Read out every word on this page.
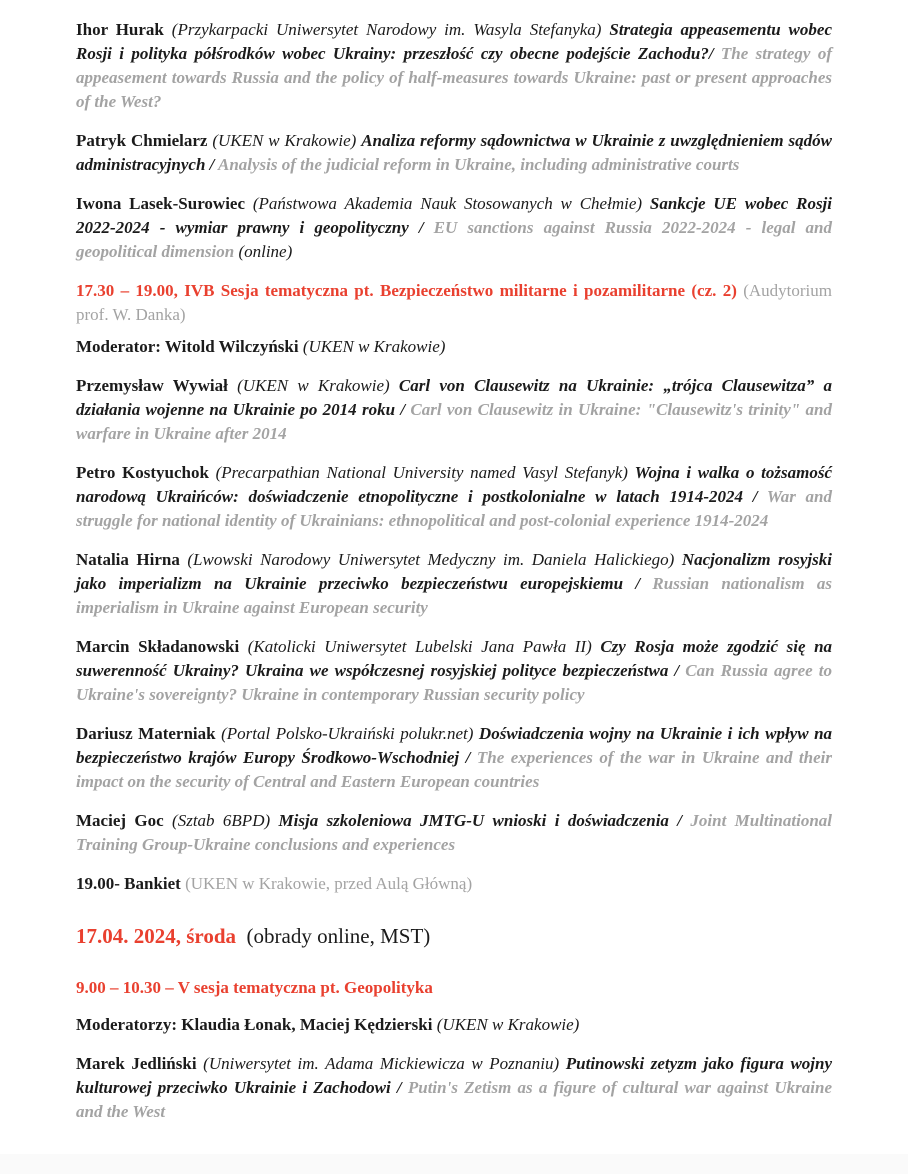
Ihor Hurak (Przykarpacki Uniwersytet Narodowy im. Wasyla Stefanyka) Strategia appeasementu wobec Rosji i polityka półśrodków wobec Ukrainy: przeszłość czy obecne podejście Zachodu?/ The strategy of appeasement towards Russia and the policy of half-measures towards Ukraine: past or present approaches of the West?

Patryk Chmielarz (UKEN w Krakowie) Analiza reformy sądownictwa w Ukrainie z uwzględnieniem sądów administracyjnych / Analysis of the judicial reform in Ukraine, including administrative courts

Iwona Lasek-Surowiec (Państwowa Akademia Nauk Stosowanych w Chełmie) Sankcje UE wobec Rosji 2022-2024 - wymiar prawny i geopolityczny / EU sanctions against Russia 2022-2024 - legal and geopolitical dimension (online)

17.30 – 19.00, IVB Sesja tematyczna pt. Bezpieczeństwo militarne i pozamilitarne (cz. 2) (Audytorium prof. W. Danka)

Moderator: Witold Wilczyński (UKEN w Krakowie)

Przemysław Wywiał (UKEN w Krakowie) Carl von Clausewitz na Ukrainie: „trójca Clausewitza” a działania wojenne na Ukrainie po 2014 roku / Carl von Clausewitz in Ukraine: "Clausewitz's trinity" and warfare in Ukraine after 2014

Petro Kostyuchok (Precarpathian National University named Vasyl Stefanyk) Wojna i walka o tożsamość narodową Ukraińców: doświadczenie etnopolityczne i postkolonialne w latach 1914-2024 / War and struggle for national identity of Ukrainians: ethnopolitical and post-colonial experience 1914-2024

Natalia Hirna (Lwowski Narodowy Uniwersytet Medyczny im. Daniela Halickiego) Nacjonalizm rosyjski jako imperializm na Ukrainie przeciwko bezpieczeństwu europejskiemu / Russian nationalism as imperialism in Ukraine against European security

Marcin Składanowski (Katolicki Uniwersytet Lubelski Jana Pawła II) Czy Rosja może zgodzić się na suwerenność Ukrainy? Ukraina we współczesnej rosyjskiej polityce bezpieczeństwa / Can Russia agree to Ukraine's sovereignty? Ukraine in contemporary Russian security policy

Dariusz Materniak (Portal Polsko-Ukraiński polukr.net) Doświadczenia wojny na Ukrainie i ich wpływ na bezpieczeństwo krajów Europy Środkowo-Wschodniej / The experiences of the war in Ukraine and their impact on the security of Central and Eastern European countries

Maciej Goc (Sztab 6BPD) Misja szkoleniowa JMTG-U wnioski i doświadczenia / Joint Multinational Training Group-Ukraine conclusions and experiences

19.00- Bankiet (UKEN w Krakowie, przed Aulą Główną)

17.04. 2024, środa  (obrady online, MST)

9.00 – 10.30 – V sesja tematyczna pt. Geopolityka

Moderatorzy: Klaudia Łonak, Maciej Kędzierski (UKEN w Krakowie)

Marek Jedliński (Uniwersytet im. Adama Mickiewicza w Poznaniu) Putinowski zetyzm jako figura wojny kulturowej przeciwko Ukrainie i Zachodowi / Putin's Zetism as a figure of cultural war against Ukraine and the West
